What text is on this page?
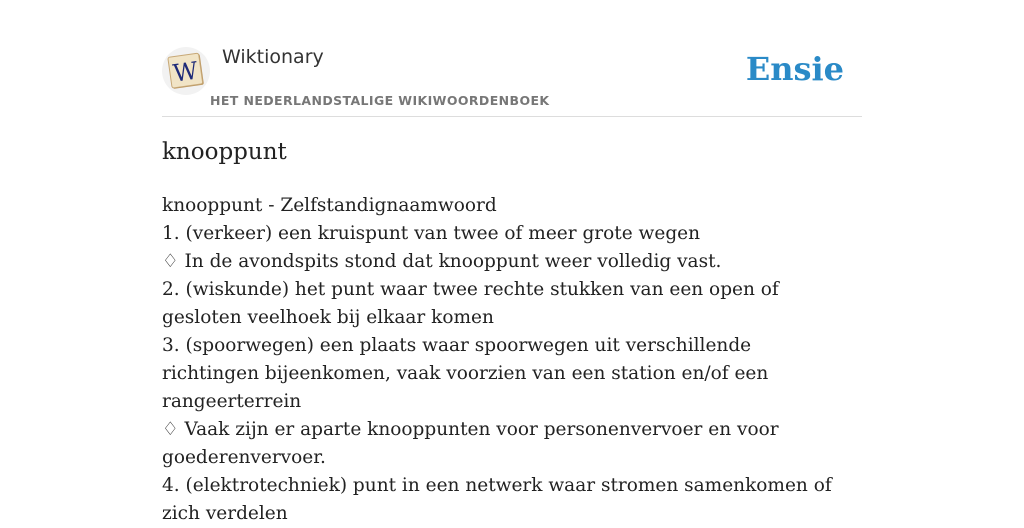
W Wiktionary
HET NEDERLANDSTALIGE WIKIWOORDENBOEK
Ensie
knooppunt
knooppunt - Zelfstandignaamwoord
1. (verkeer) een kruispunt van twee of meer grote wegen
♢ In de avondspits stond dat knooppunt weer volledig vast.
2. (wiskunde) het punt waar twee rechte stukken van een open of gesloten veelhoek bij elkaar komen
3. (spoorwegen) een plaats waar spoorwegen uit verschillende richtingen bijeenkomen, vaak voorzien van een station en/of een rangeerterrein
♢ Vaak zijn er aparte knooppunten voor personenvervoer en voor goederenvervoer.
4. (elektrotechniek) punt in een netwerk waar stromen samenkomen of zich verdelen
